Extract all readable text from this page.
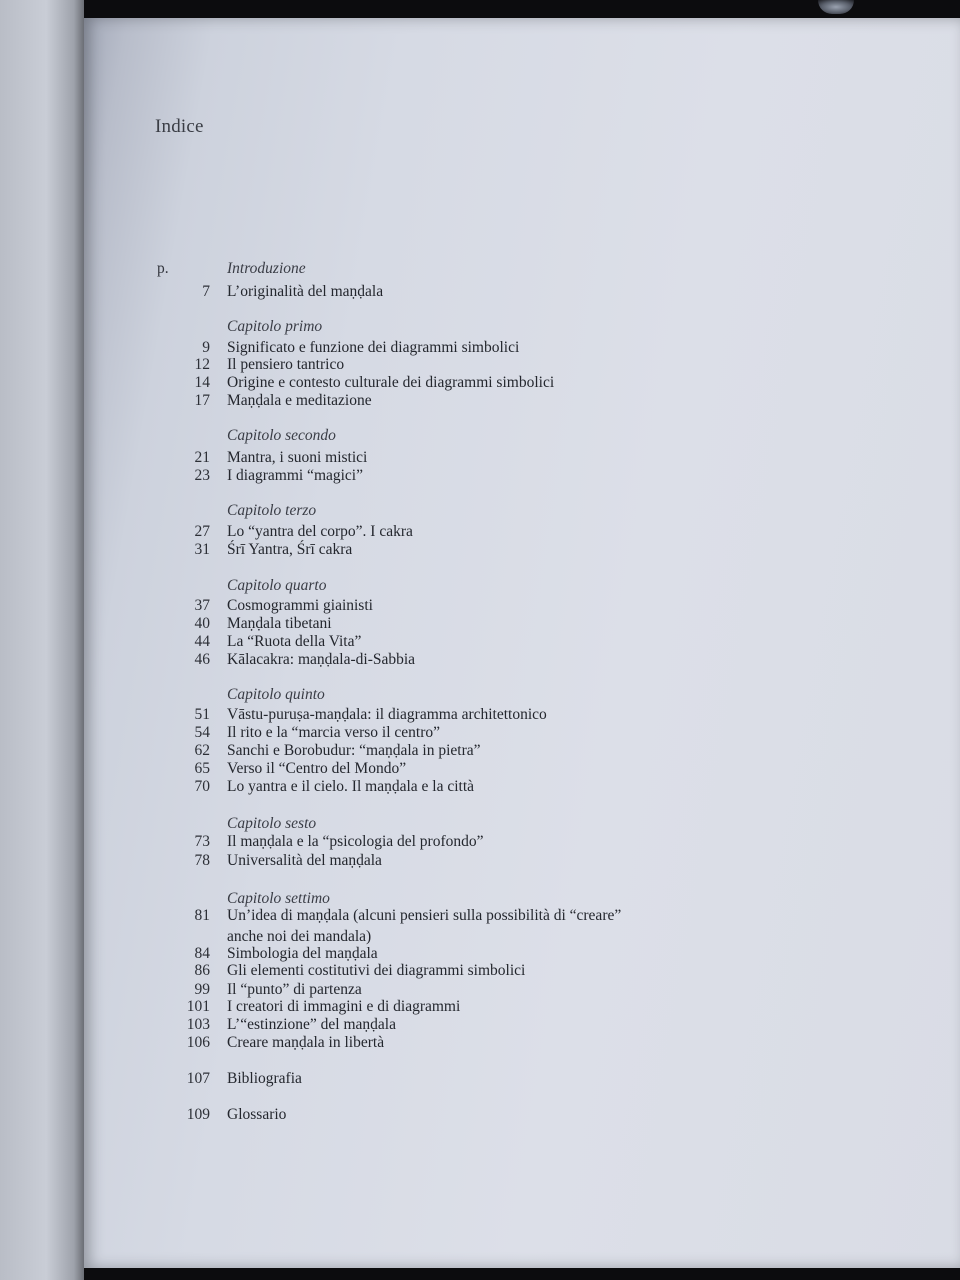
Indice
p.	Introduzione
7 L’originalità del maṇḍala
Capitolo primo
9 Significato e funzione dei diagrammi simbolici
12 Il pensiero tantrico
14 Origine e contesto culturale dei diagrammi simbolici
17 Maṇḍala e meditazione
Capitolo secondo
21 Mantra, i suoni mistici
23 I diagrammi “magici”
Capitolo terzo
27 Lo “yantra del corpo”. I cakra
31 Śrī Yantra, Śrī cakra
Capitolo quarto
37 Cosmogrammi giainisti
40 Maṇḍala tibetani
44 La “Ruota della Vita”
46 Kālacakra: maṇḍala-di-Sabbia
Capitolo quinto
51 Vāstu-puruṣa-maṇḍala: il diagramma architettonico
54 Il rito e la “marcia verso il centro”
62 Sanchi e Borobudur: “maṇḍala in pietra”
65 Verso il “Centro del Mondo”
70 Lo yantra e il cielo. Il maṇḍala e la città
Capitolo sesto
73 Il maṇḍala e la “psicologia del profondo”
78 Universalità del maṇḍala
Capitolo settimo
81 Un’idea di maṇḍala (alcuni pensieri sulla possibilità di “creare”
anche noi dei mandala)
84 Simbologia del maṇḍala
86 Gli elementi costitutivi dei diagrammi simbolici
99 Il “punto” di partenza
101 I creatori di immagini e di diagrammi
103 L’“estinzione” del maṇḍala
106 Creare maṇḍala in libertà
107 Bibliografia
109 Glossario
